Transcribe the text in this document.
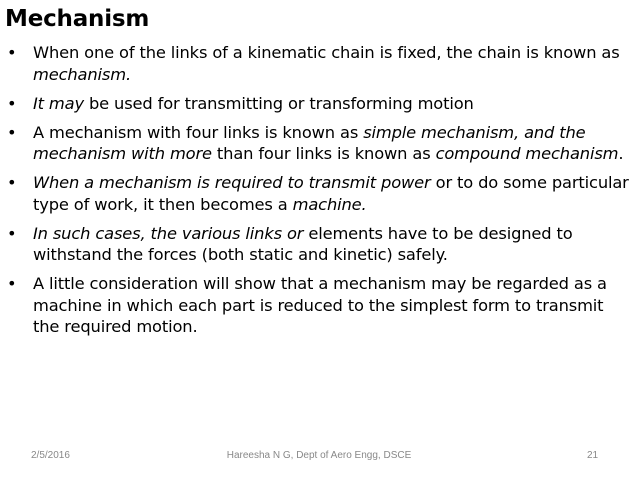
Mechanism
• When one of the links of a kinematic chain is fixed, the chain is known as mechanism.
• It may be used for transmitting or transforming motion
• A mechanism with four links is known as simple mechanism, and the mechanism with more than four links is known as compound mechanism.
• When a mechanism is required to transmit power or to do some particular type of work, it then becomes a machine.
• In such cases, the various links or elements have to be designed to withstand the forces (both static and kinetic) safely.
• A little consideration will show that a mechanism may be regarded as a machine in which each part is reduced to the simplest form to transmit the required motion.
2/5/2016	Hareesha N G, Dept of Aero Engg, DSCE	21
